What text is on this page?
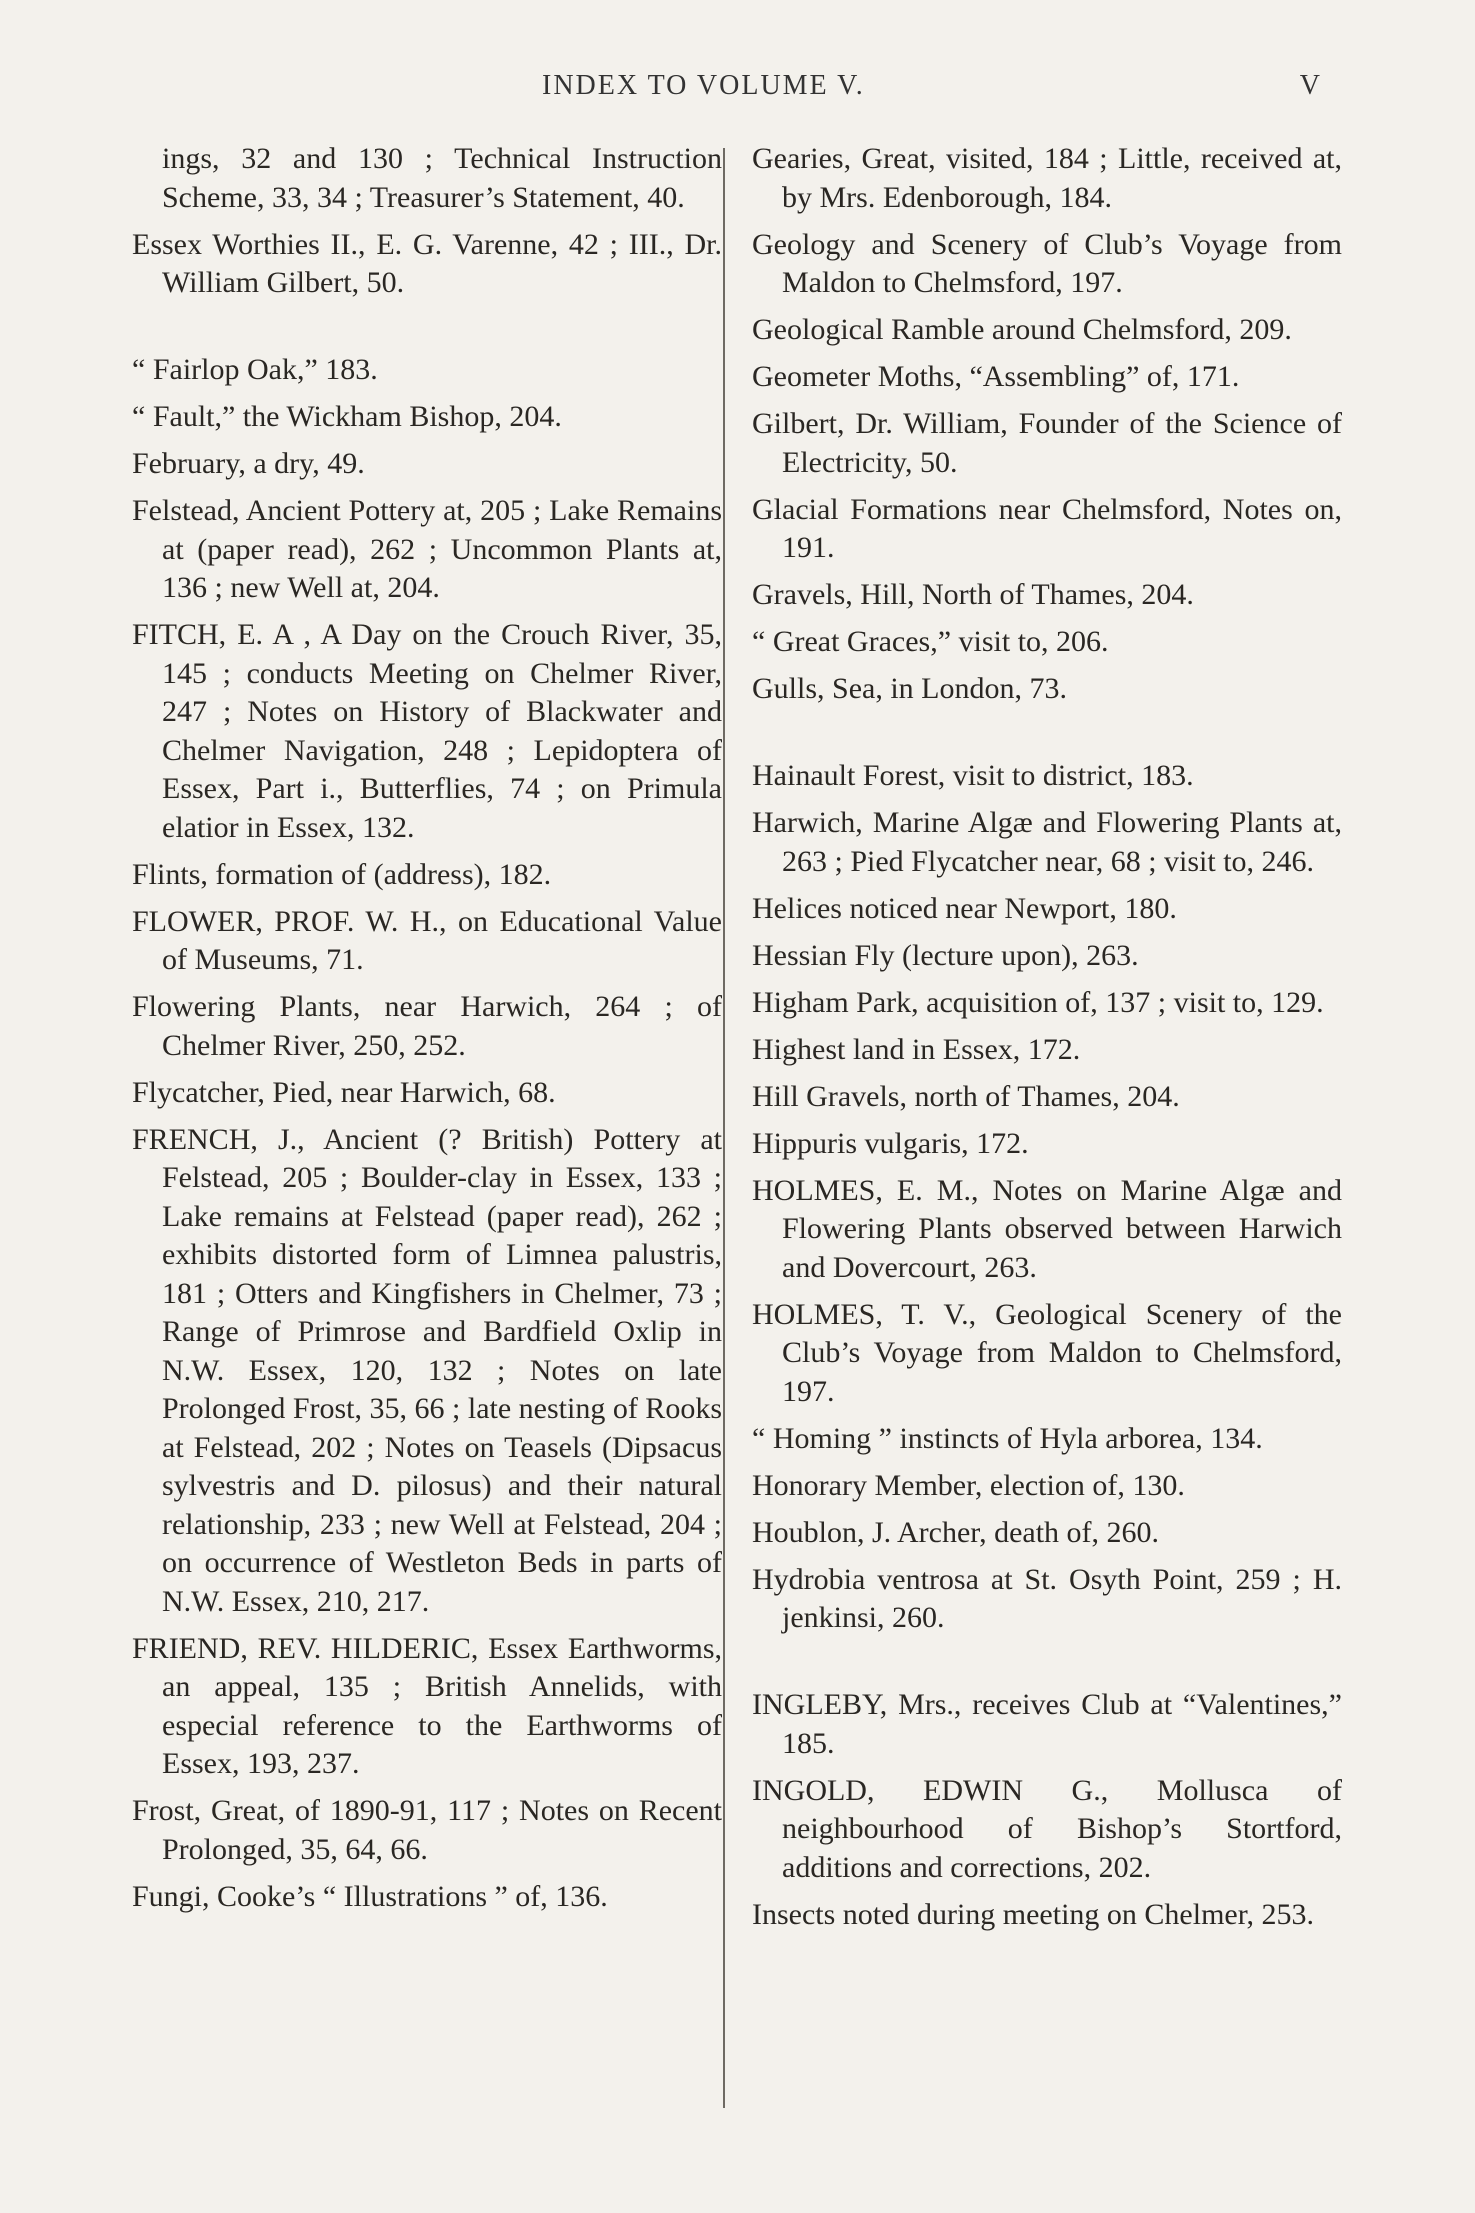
INDEX TO VOLUME V.	V

ings, 32 and 130 ; Technical Instruction Scheme, 33, 34 ; Treasurer’s Statement, 40.

Essex Worthies II., E. G. Varenne, 42 ; III., Dr. William Gilbert, 50.

“ Fairlop Oak,” 183.

“ Fault,” the Wickham Bishop, 204.

February, a dry, 49.

Felstead, Ancient Pottery at, 205 ; Lake Remains at (paper read), 262 ; Uncommon Plants at, 136 ; new Well at, 204.

FITCH, E. A , A Day on the Crouch River, 35, 145 ; conducts Meeting on Chelmer River, 247 ; Notes on History of Blackwater and Chelmer Navigation, 248 ; Lepidoptera of Essex, Part i., Butterflies, 74 ; on Primula elatior in Essex, 132.

Flints, formation of (address), 182.

FLOWER, PROF. W. H., on Educational Value of Museums, 71.

Flowering Plants, near Harwich, 264 ; of Chelmer River, 250, 252.

Flycatcher, Pied, near Harwich, 68.

FRENCH, J., Ancient (? British) Pottery at Felstead, 205 ; Boulder-clay in Essex, 133 ; Lake remains at Felstead (paper read), 262 ; exhibits distorted form of Limnea palustris, 181 ; Otters and Kingfishers in Chelmer, 73 ; Range of Primrose and Bardfield Oxlip in N.W. Essex, 120, 132 ; Notes on late Prolonged Frost, 35, 66 ; late nesting of Rooks at Felstead, 202 ; Notes on Teasels (Dipsacus sylvestris and D. pilosus) and their natural relationship, 233 ; new Well at Felstead, 204 ; on occurrence of Westleton Beds in parts of N.W. Essex, 210, 217.

FRIEND, REV. HILDERIC, Essex Earthworms, an appeal, 135 ; British Annelids, with especial reference to the Earthworms of Essex, 193, 237.

Frost, Great, of 1890-91, 117 ; Notes on Recent Prolonged, 35, 64, 66.

Fungi, Cooke’s “ Illustrations ” of, 136.

Gearies, Great, visited, 184 ; Little, received at, by Mrs. Edenborough, 184.

Geology and Scenery of Club’s Voyage from Maldon to Chelmsford, 197.

Geological Ramble around Chelmsford, 209.

Geometer Moths, “Assembling” of, 171.

Gilbert, Dr. William, Founder of the Science of Electricity, 50.

Glacial Formations near Chelmsford, Notes on, 191.

Gravels, Hill, North of Thames, 204.

“ Great Graces,” visit to, 206.

Gulls, Sea, in London, 73.

Hainault Forest, visit to district, 183.

Harwich, Marine Algæ and Flowering Plants at, 263 ; Pied Flycatcher near, 68 ; visit to, 246.

Helices noticed near Newport, 180.

Hessian Fly (lecture upon), 263.

Higham Park, acquisition of, 137 ; visit to, 129.

Highest land in Essex, 172.

Hill Gravels, north of Thames, 204.

Hippuris vulgaris, 172.

HOLMES, E. M., Notes on Marine Algæ and Flowering Plants observed between Harwich and Dovercourt, 263.

HOLMES, T. V., Geological Scenery of the Club’s Voyage from Maldon to Chelmsford, 197.

“ Homing ” instincts of Hyla arborea, 134.

Honorary Member, election of, 130.

Houblon, J. Archer, death of, 260.

Hydrobia ventrosa at St. Osyth Point, 259 ; H. jenkinsi, 260.

INGLEBY, Mrs., receives Club at “Valentines,” 185.

INGOLD, EDWIN G., Mollusca of neighbourhood of Bishop’s Stortford, additions and corrections, 202.

Insects noted during meeting on Chelmer, 253.
